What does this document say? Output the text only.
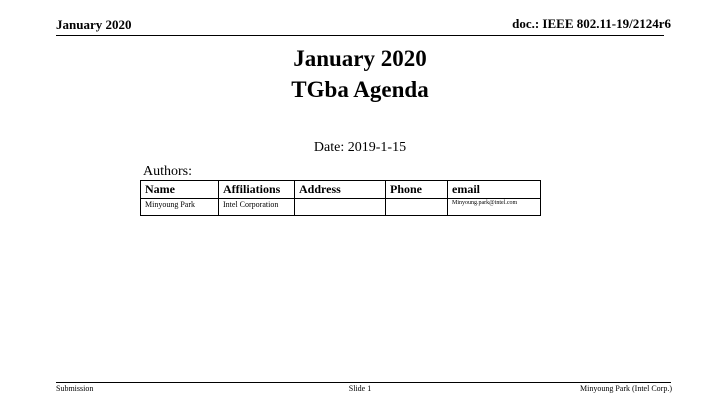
January 2020	doc.: IEEE 802.11-19/2124r6
January 2020
TGba Agenda
Date: 2019-1-15
Authors:
Name	Affiliations	Address	Phone	email
Minyoung Park	Intel Corporation			Minyoung.park@intel.com
Submission	Slide 1	Minyoung Park (Intel Corp.)
